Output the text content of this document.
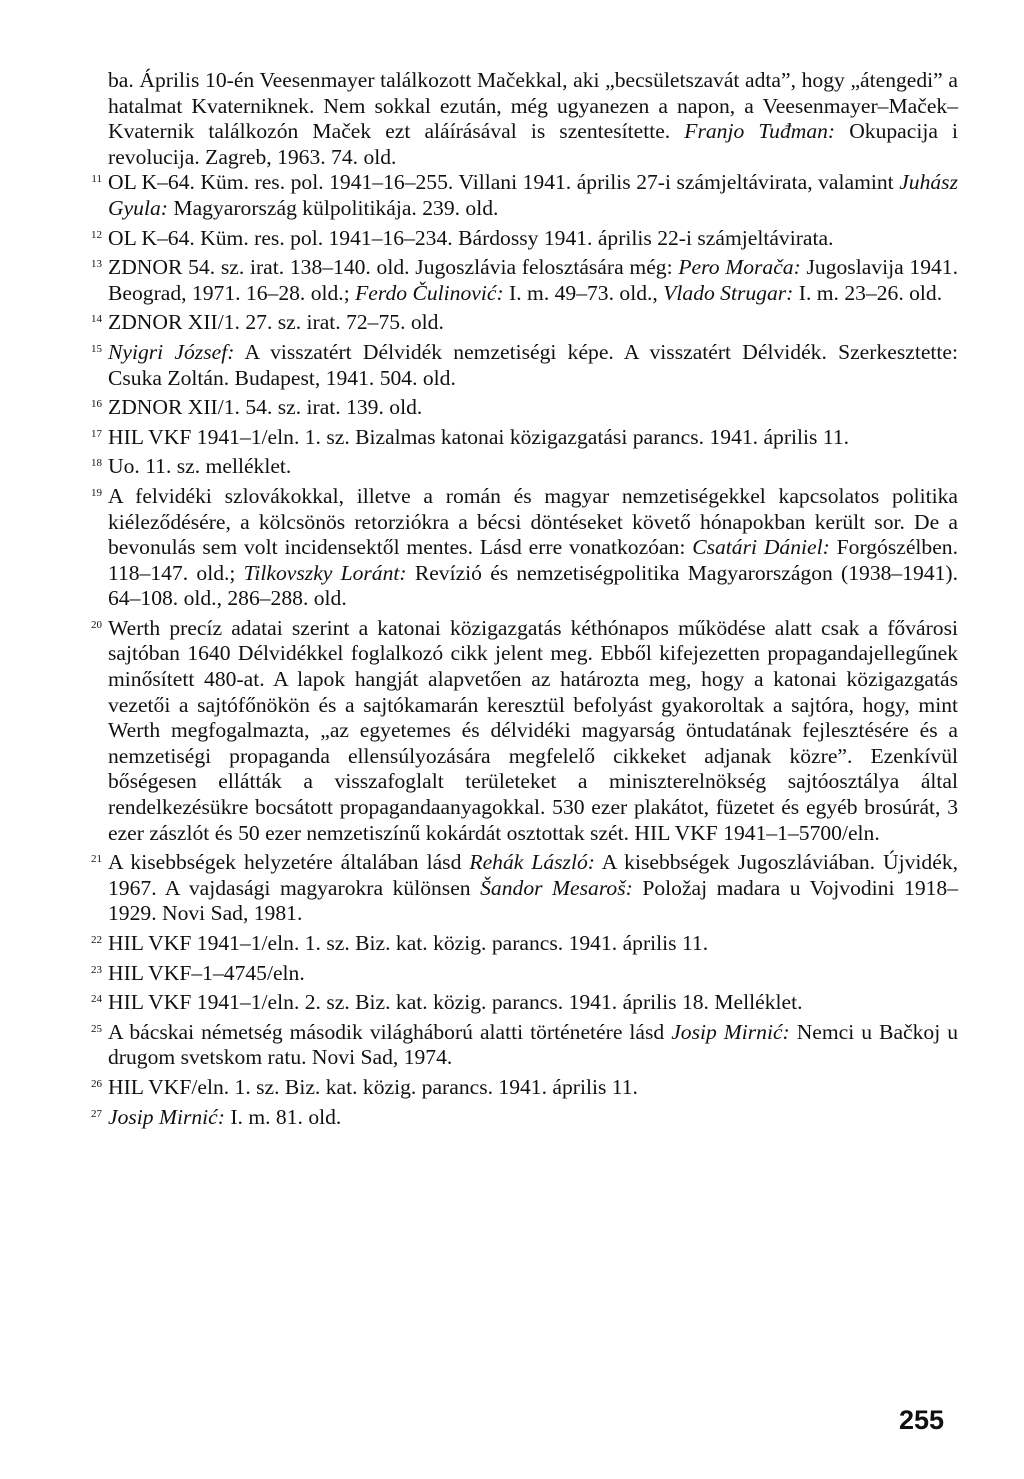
ba. Április 10-én Veesenmayer találkozott Mačekkal, aki „becsületszavát adta”, hogy „átengedi” a hatalmat Kvaterniknek. Nem sokkal ezután, még ugyanezen a napon, a Veesenmayer–Maček–Kvaternik találkozón Maček ezt aláírásával is szentesítette. Franjo Tuđman: Okupacija i revolucija. Zagreb, 1963. 74. old.
11 OL K–64. Küm. res. pol. 1941–16–255. Villani 1941. április 27-i számjeltávirata, valamint Juhász Gyula: Magyarország külpolitikája. 239. old.
12 OL K–64. Küm. res. pol. 1941–16–234. Bárdossy 1941. április 22-i számjeltávirata.
13 ZDNOR 54. sz. irat. 138–140. old. Jugoszlávia felosztására még: Pero Morača: Jugoslavija 1941. Beograd, 1971. 16–28. old.; Ferdo Čulinović: I. m. 49–73. old., Vlado Strugar: I. m. 23–26. old.
14 ZDNOR XII/1. 27. sz. irat. 72–75. old.
15 Nyigri József: A visszatért Délvidék nemzetiségi képe. A visszatért Délvidék. Szerkesztette: Csuka Zoltán. Budapest, 1941. 504. old.
16 ZDNOR XII/1. 54. sz. irat. 139. old.
17 HIL VKF 1941–1/eln. 1. sz. Bizalmas katonai közigazgatási parancs. 1941. április 11.
18 Uo. 11. sz. melléklet.
19 A felvidéki szlovákokkal, illetve a román és magyar nemzetiségekkel kapcsolatos politika kiéleződésére, a kölcsönös retorziókra a bécsi döntéseket követő hónapokban került sor. De a bevonulás sem volt incidensektől mentes. Lásd erre vonatkozóan: Csatári Dániel: Forgószélben. 118–147. old.; Tilkovszky Loránt: Revízió és nemzetiségpolitika Magyarországon (1938–1941). 64–108. old., 286–288. old.
20 Werth precíz adatai szerint a katonai közigazgatás kéthónapos működése alatt csak a fővárosi sajtóban 1640 Délvidékkel foglalkozó cikk jelent meg. Ebből kifejezetten propagandajellegűnek minősített 480-at. A lapok hangját alapvetően az határozta meg, hogy a katonai közigazgatás vezetői a sajtófőnökön és a sajtókamarán keresztül befolyást gyakoroltak a sajtóra, hogy, mint Werth megfogalmazta, „az egyetemes és délvidéki magyarság öntudatának fejlesztésére és a nemzetiségi propaganda ellensúlyozására megfelelő cikkeket adjanak közre”. Ezenkívül bőségesen ellátták a visszafoglalt területeket a miniszterelnökség sajtóosztálya által rendelkezésükre bocsátott propagandaanyagokkal. 530 ezer plakátot, füzetet és egyéb brosúrát, 3 ezer zászlót és 50 ezer nemzetiszínű kokárdát osztottak szét. HIL VKF 1941–1–5700/eln.
21 A kisebbségek helyzetére általában lásd Rehák László: A kisebbségek Jugoszláviában. Újvidék, 1967. A vajdasági magyarokra különsen Šandor Mesaroš: Položaj madara u Vojvodini 1918–1929. Novi Sad, 1981.
22 HIL VKF 1941–1/eln. 1. sz. Biz. kat. közig. parancs. 1941. április 11.
23 HIL VKF–1–4745/eln.
24 HIL VKF 1941–1/eln. 2. sz. Biz. kat. közig. parancs. 1941. április 18. Melléklet.
25 A bácskai németség második világháború alatti történetére lásd Josip Mirnić: Nemci u Bačkoj u drugom svetskom ratu. Novi Sad, 1974.
26 HIL VKF/eln. 1. sz. Biz. kat. közig. parancs. 1941. április 11.
27 Josip Mirnić: I. m. 81. old.
255
